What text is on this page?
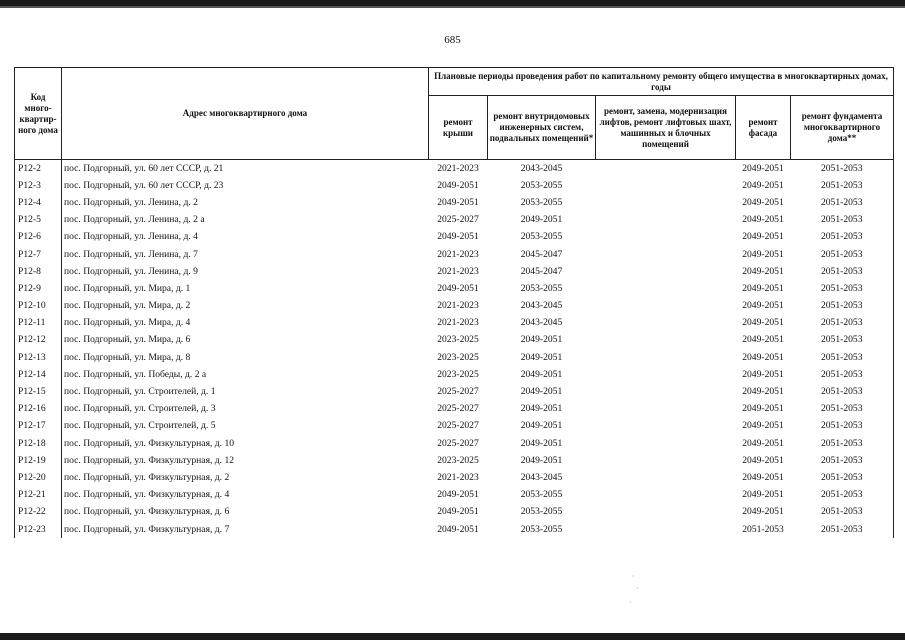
685
Код много-квартир-ного дома	Адрес многоквартирного дома	Плановые периоды проведения работ по капитальному ремонту общего имущества в многоквартирных домах, годы				
		ремонт крыши	ремонт внутридомовых инженерных систем, подвальных помещений*	ремонт, замена, модернизация лифтов, ремонт лифтовых шахт, машинных и блочных помещений	ремонт фасада	ремонт фундамента многоквартирного дома**
P12-2	пос. Подгорный, ул. 60 лет СССР, д. 21	2021-2023	2043-2045		2049-2051	2051-2053
P12-3	пос. Подгорный, ул. 60 лет СССР, д. 23	2049-2051	2053-2055		2049-2051	2051-2053
P12-4	пос. Подгорный, ул. Ленина, д. 2	2049-2051	2053-2055		2049-2051	2051-2053
P12-5	пос. Подгорный, ул. Ленина, д. 2 а	2025-2027	2049-2051		2049-2051	2051-2053
P12-6	пос. Подгорный, ул. Ленина, д. 4	2049-2051	2053-2055		2049-2051	2051-2053
P12-7	пос. Подгорный, ул. Ленина, д. 7	2021-2023	2045-2047		2049-2051	2051-2053
P12-8	пос. Подгорный, ул. Ленина, д. 9	2021-2023	2045-2047		2049-2051	2051-2053
P12-9	пос. Подгорный, ул. Мира, д. 1	2049-2051	2053-2055		2049-2051	2051-2053
P12-10	пос. Подгорный, ул. Мира, д. 2	2021-2023	2043-2045		2049-2051	2051-2053
P12-11	пос. Подгорный, ул. Мира, д. 4	2021-2023	2043-2045		2049-2051	2051-2053
P12-12	пос. Подгорный, ул. Мира, д. 6	2023-2025	2049-2051		2049-2051	2051-2053
P12-13	пос. Подгорный, ул. Мира, д. 8	2023-2025	2049-2051		2049-2051	2051-2053
P12-14	пос. Подгорный, ул. Победы, д. 2 а	2023-2025	2049-2051		2049-2051	2051-2053
P12-15	пос. Подгорный, ул. Строителей, д. 1	2025-2027	2049-2051		2049-2051	2051-2053
P12-16	пос. Подгорный, ул. Строителей, д. 3	2025-2027	2049-2051		2049-2051	2051-2053
P12-17	пос. Подгорный, ул. Строителей, д. 5	2025-2027	2049-2051		2049-2051	2051-2053
P12-18	пос. Подгорный, ул. Физкультурная, д. 10	2025-2027	2049-2051		2049-2051	2051-2053
P12-19	пос. Подгорный, ул. Физкультурная, д. 12	2023-2025	2049-2051		2049-2051	2051-2053
P12-20	пос. Подгорный, ул. Физкультурная, д. 2	2021-2023	2043-2045		2049-2051	2051-2053
P12-21	пос. Подгорный, ул. Физкультурная, д. 4	2049-2051	2053-2055		2049-2051	2051-2053
P12-22	пос. Подгорный, ул. Физкультурная, д. 6	2049-2051	2053-2055		2049-2051	2051-2053
P12-23	пос. Подгорный, ул. Физкультурная, д. 7	2049-2051	2053-2055		2051-2053	2051-2053
·
·
·
